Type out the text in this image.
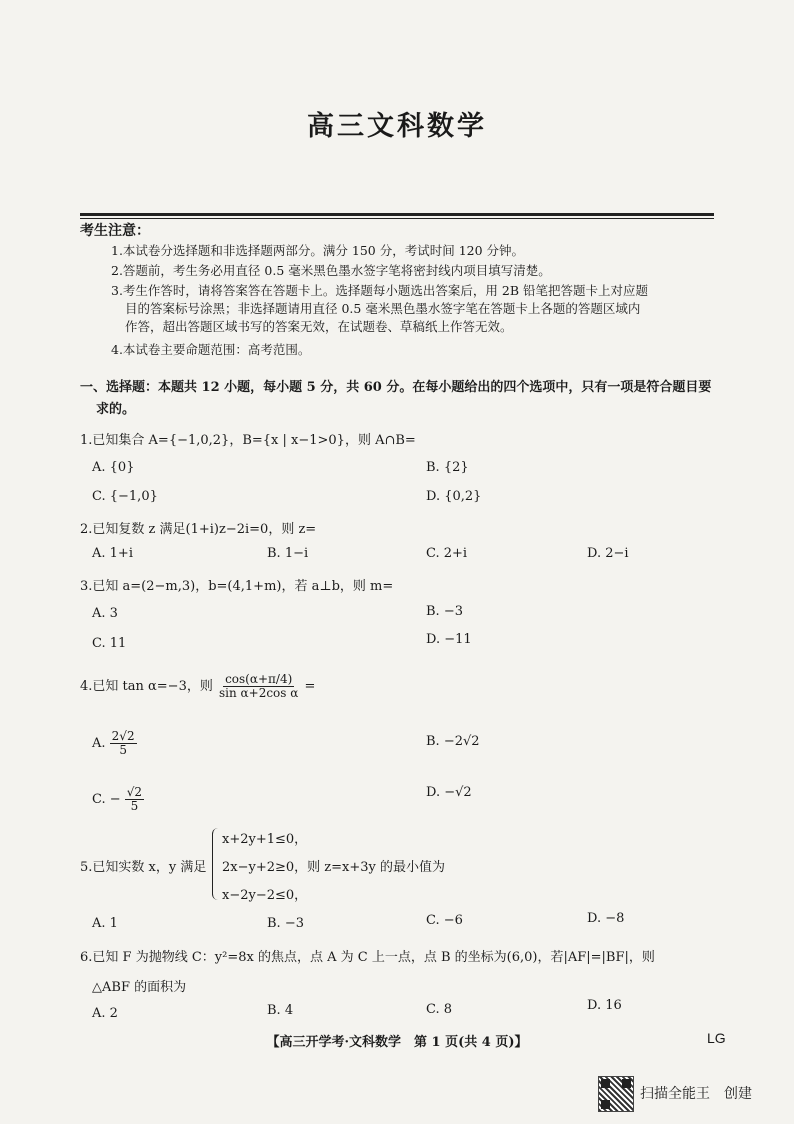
高三文科数学
考生注意：
1.本试卷分选择题和非选择题两部分。满分 150 分，考试时间 120 分钟。
2.答题前，考生务必用直径 0.5 毫米黑色墨水签字笔将密封线内项目填写清楚。
3.考生作答时，请将答案答在答题卡上。选择题每小题选出答案后，用 2B 铅笔把答题卡上对应题
目的答案标号涂黑；非选择题请用直径 0.5 毫米黑色墨水签字笔在答题卡上各题的答题区域内
作答，超出答题区域书写的答案无效，在试题卷、草稿纸上作答无效。
4.本试卷主要命题范围：高考范围。
一、选择题：本题共 12 小题，每小题 5 分，共 60 分。在每小题给出的四个选项中，只有一项是符合题目要
求的。
1.已知集合 A={−1,0,2}，B={x | x−1>0}，则 A∩B=
A. {0}	B. {2}
C. {−1,0}	D. {0,2}
2.已知复数 z 满足(1+i)z−2i=0，则 z=
A. 1+i	B. 1−i	C. 2+i	D. 2−i
3.已知 a=(2−m,3)，b=(4,1+m)，若 a⊥b，则 m=
A. 3	B. −3
C. 11	D. −11
4.已知 tan α=−3，则 $\frac{\cos(\alpha+\pi/4)}{\text{sin α+2cos α}}$ =
A. $\frac{2√2}{5}$	B. −2√2
C. − $\frac{√2}{5}$	D. −√2
5.已知实数 x，y 满足
x+2y+1≤0，
2x−y+2≥0，则 z=x+3y 的最小值为
x−2y−2≤0，
A. 1	B. −3	C. −6	D. −8
6.已知 F 为抛物线 C：y²=8x 的焦点，点 A 为 C 上一点，点 B 的坐标为(6,0)，若|AF|=|BF|，则
△ABF 的面积为
A. 2	B. 4	C. 8	D. 16
【高三开学考·文科数学　第 1 页(共 4 页)】	LG
扫描全能王　创建
